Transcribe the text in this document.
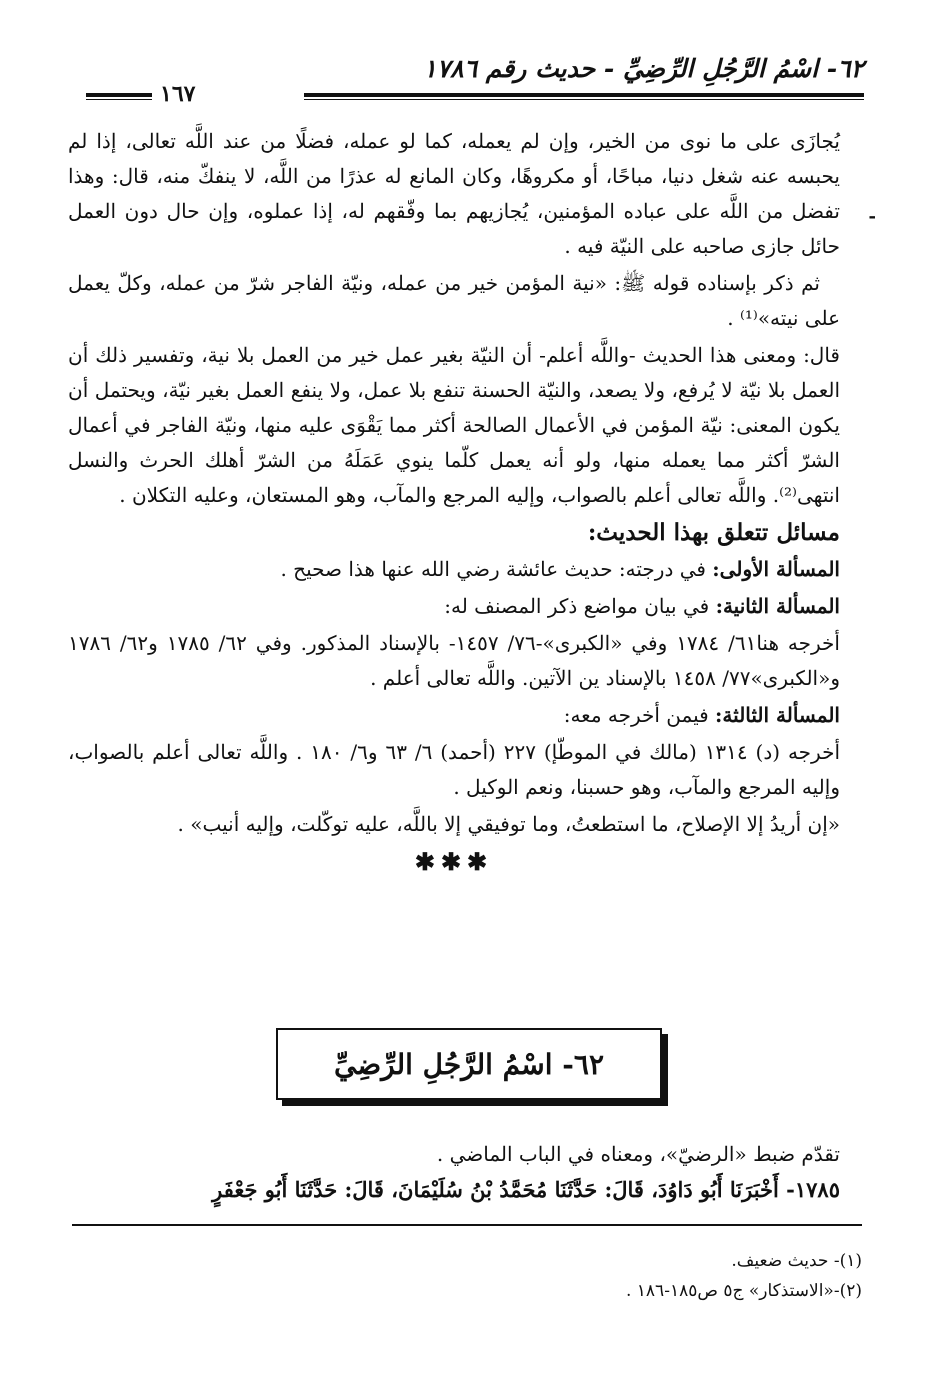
٦٢- اسْمُ الرَّجُلِ الرِّضِيِّ - حديث رقم ١٧٨٦
١٦٧
-

يُجازَى على ما نوى من الخير، وإن لم يعمله، كما لو عمله، فضلًا من عند اللَّه تعالى، إذا لم يحبسه عنه شغل دنيا، مباحًا، أو مكروهًا، وكان المانع له عذرًا من اللَّه، لا ينفكّ منه، قال: وهذا تفضل من اللَّه على عباده المؤمنين، يُجازيهم بما وفّقهم له، إذا عملوه، وإن حال دون العمل حائل جازى صاحبه على النيّة فيه .

ثم ذكر بإسناده قوله ﷺ: «نية المؤمن خير من عمله، ونيّة الفاجر شرّ من عمله، وكلّ يعمل على نيته»⁽¹⁾ .

قال: ومعنى هذا الحديث -واللَّه أعلم- أن النيّة بغير عمل خير من العمل بلا نية، وتفسير ذلك أن العمل بلا نيّة لا يُرفع، ولا يصعد، والنيّة الحسنة تنفع بلا عمل، ولا ينفع العمل بغير نيّة، ويحتمل أن يكون المعنى: نيّة المؤمن في الأعمال الصالحة أكثر مما يَقْوَى عليه منها، ونيّة الفاجر في أعمال الشرّ أكثر مما يعمله منها، ولو أنه يعمل كلّما ينوي عَمَلَهُ من الشرّ أهلك الحرث والنسل انتهى⁽²⁾. واللَّه تعالى أعلم بالصواب، وإليه المرجع والمآب، وهو المستعان، وعليه التكلان .

مسائل تتعلق بهذا الحديث:

المسألة الأولى: في درجته: حديث عائشة رضي الله عنها هذا صحيح .

المسألة الثانية: في بيان مواضع ذكر المصنف له:

أخرجه هنا٦١/ ١٧٨٤ وفي «الكبرى»-٧٦/ ١٤٥٧- بالإسناد المذكور. وفي ٦٢/ ١٧٨٥ و٦٢/ ١٧٨٦ و«الكبرى»٧٧/ ١٤٥٨ بالإسناد ين الآتين. واللَّه تعالى أعلم .

المسألة الثالثة: فيمن أخرجه معه:

أخرجه (د) ١٣١٤ (مالك في الموطّإ) ٢٢٧ (أحمد) ٦/ ٦٣ و٦/ ١٨٠ . واللَّه تعالى أعلم بالصواب، وإليه المرجع والمآب، وهو حسبنا، ونعم الوكيل .

«إن أريدُ إلا الإصلاح، ما استطعتُ، وما توفيقي إلا باللَّه، عليه توكّلت، وإليه أنيب» .

✱✱✱

٦٢- اسْمُ الرَّجُلِ الرِّضِيِّ

تقدّم ضبط «الرضيّ»، ومعناه في الباب الماضي .

١٧٨٥- أَخْبَرَنَا أَبُو دَاوُدَ، قَالَ: حَدَّثَنَا مُحَمَّدُ بْنُ سُلَيْمَانَ، قَالَ: حَدَّثَنَا أَبُو جَعْفَرٍ

(١)- حديث ضعيف.

(٢)-«الاستذكار» ج٥ ص١٨٥-١٨٦ .
